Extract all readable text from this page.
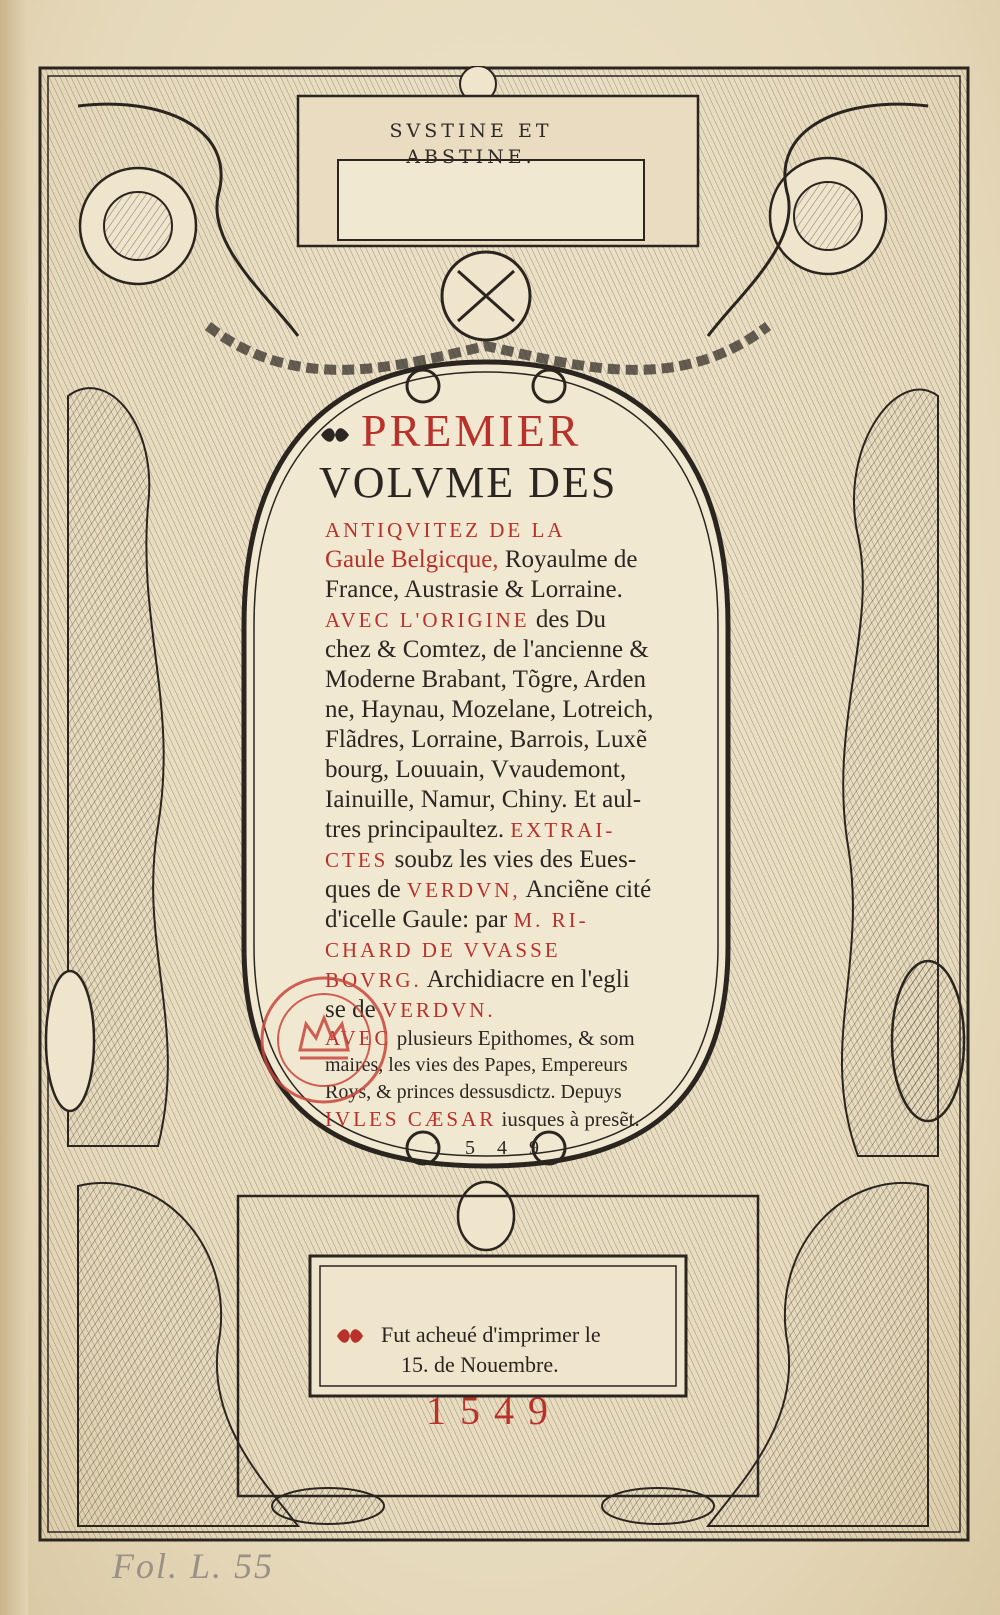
SVSTINE ET
ABSTINE.
PREMIER
VOLVME DES
ANTIQVITEZ DE LA
Gaule Belgicque, Royaulme de
France, Austrasie & Lorraine.
AVEC L'ORIGINE des Du
chez & Comtez, de l'ancienne &
Moderne Brabant, Tõgre, Arden
ne, Haynau, Mozelane, Lotreich,
Flãdres, Lorraine, Barrois, Luxẽ
bourg, Louuain, Vvaudemont,
Iainuille, Namur, Chiny. Et aul-
tres principaultez. EXTRAI-
CTES soubz les vies des Eues-
ques de VERDVN, Anciẽne cité
d'icelle Gaule: par M. RI-
CHARD DE VVASSE
BOVRG. Archidiacre en l'egli
se de VERDVN.
AVEC plusieurs Epithomes, & som
maires, les vies des Papes, Empereurs
Roys, & princes dessusdictz. Depuys
IVLES CÆSAR iusques à presẽt.
1549.
Fut acheué d'imprimer le
15. de Nouembre.
1549
Fol. L. 55
